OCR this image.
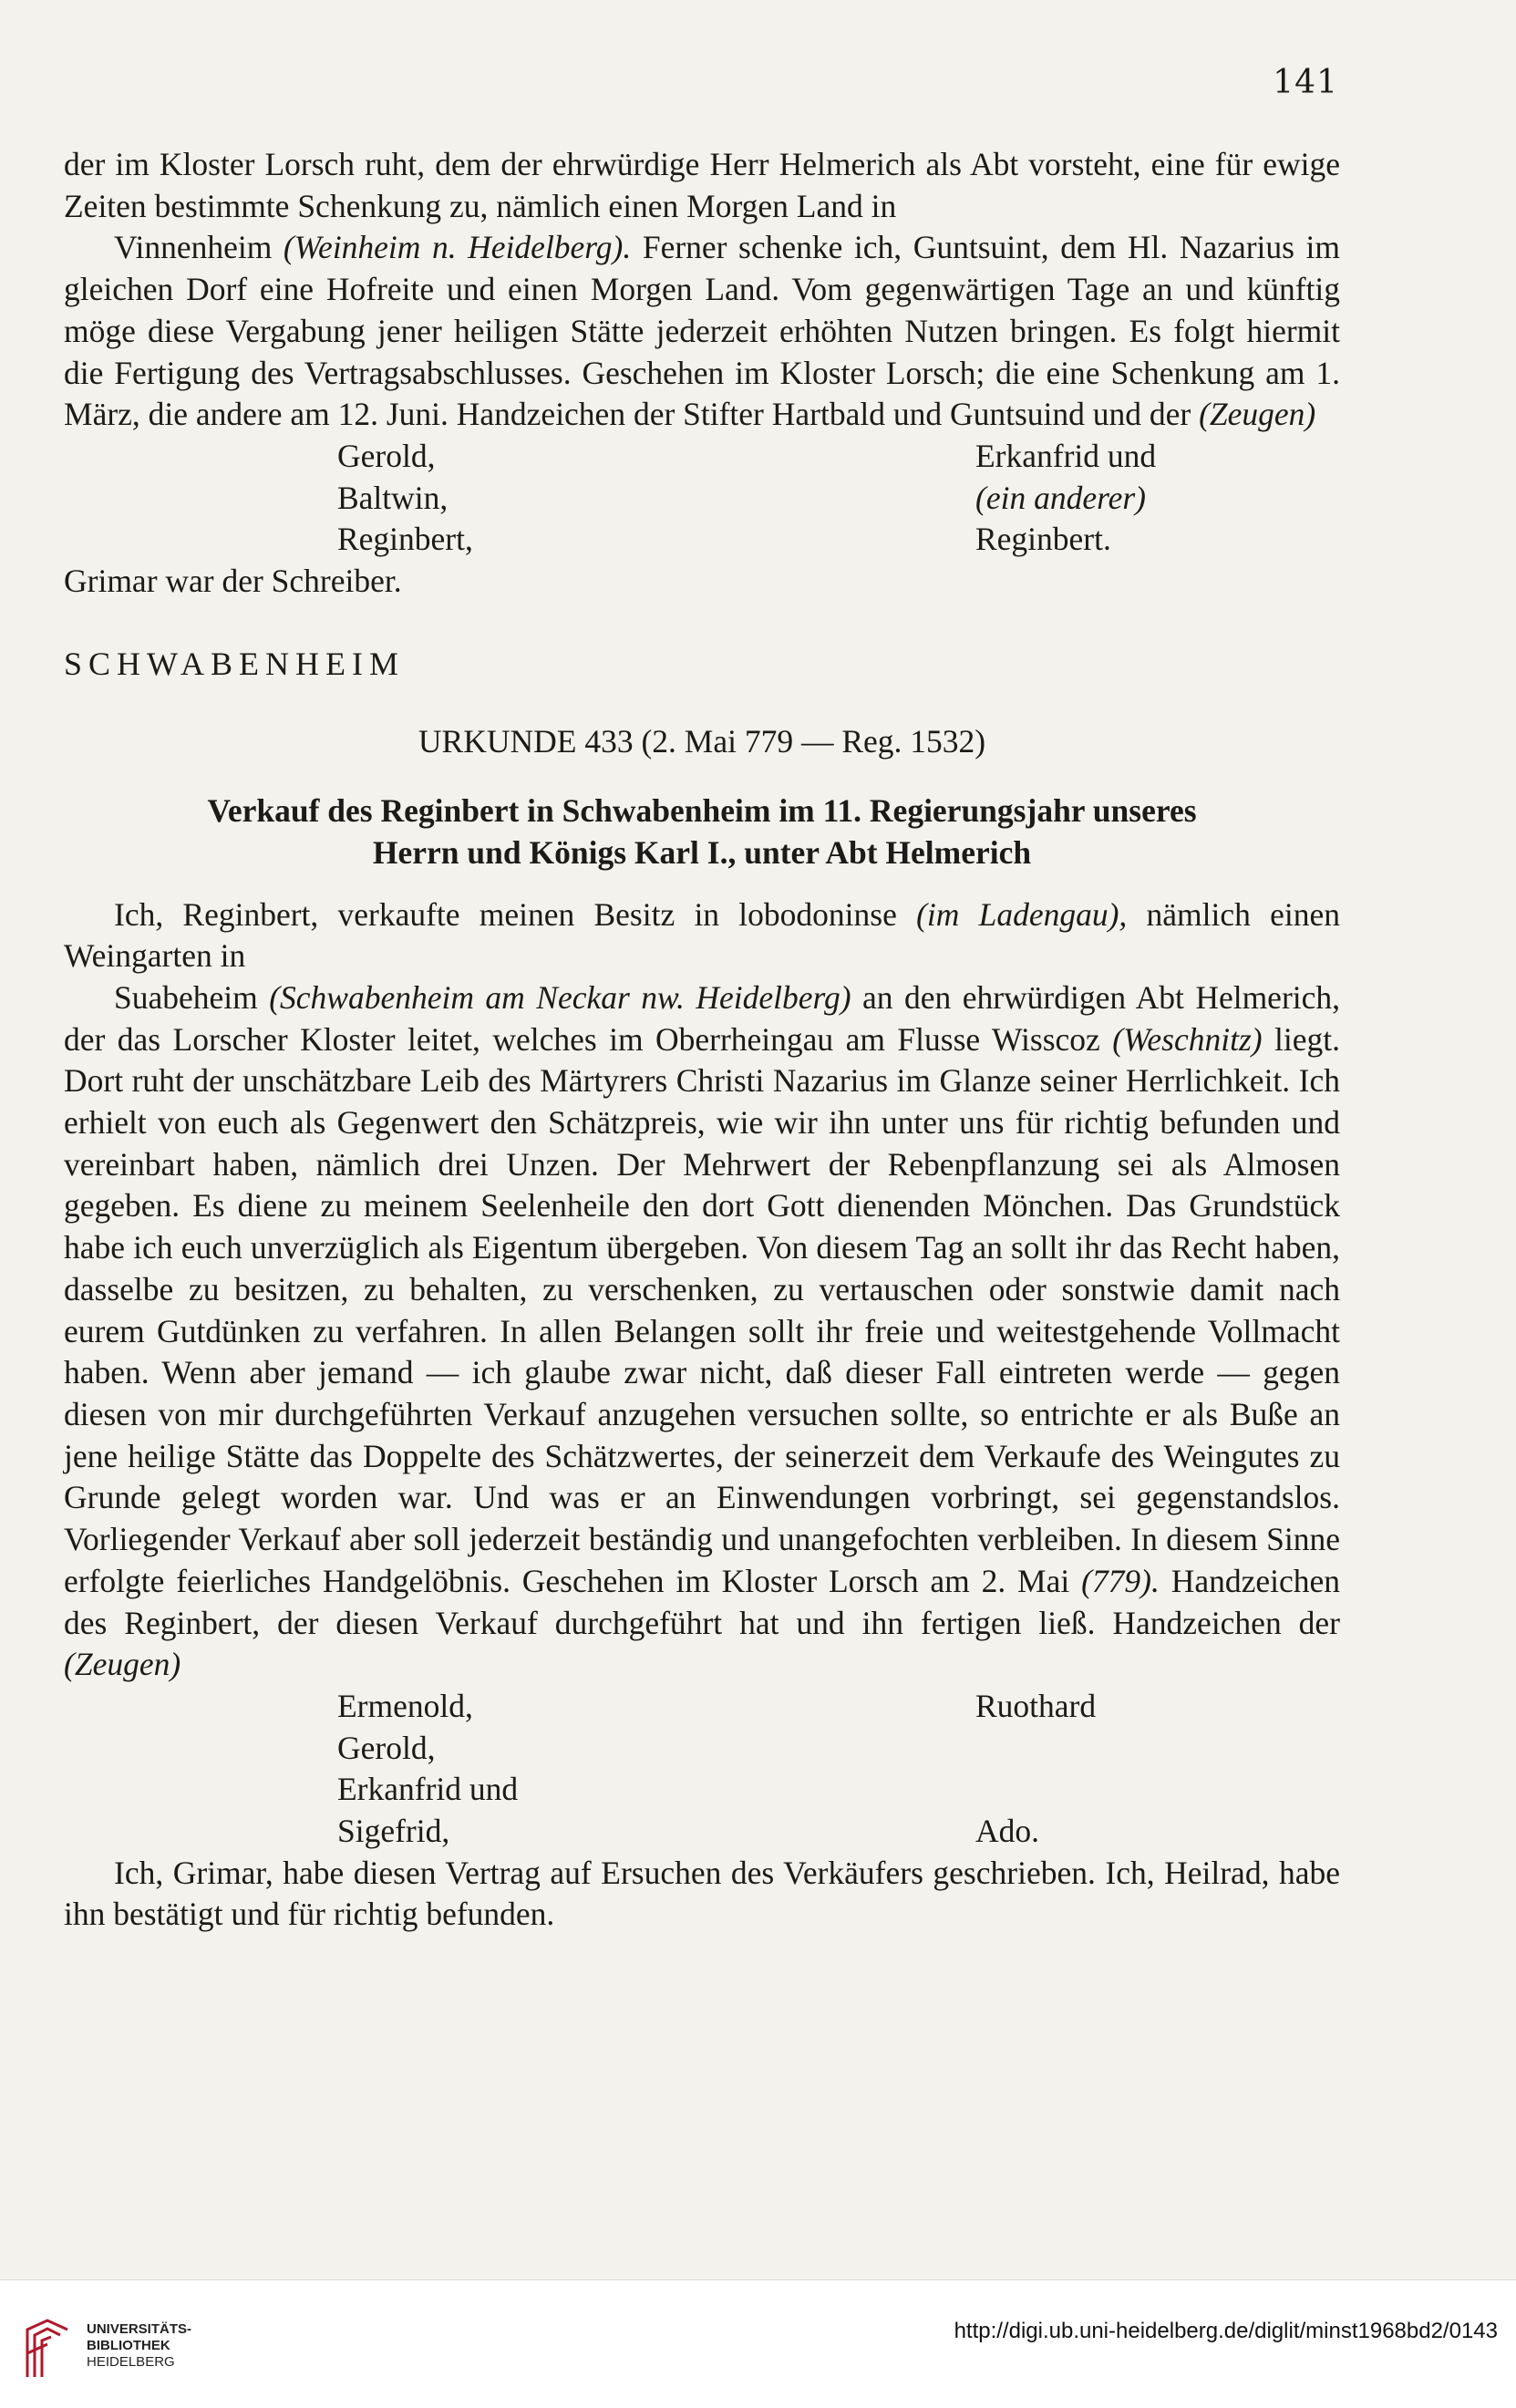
141

der im Kloster Lorsch ruht, dem der ehrwürdige Herr Helmerich als Abt vorsteht, eine für ewige Zeiten bestimmte Schenkung zu, nämlich einen Morgen Land in

Vinnenheim (Weinheim n. Heidelberg). Ferner schenke ich, Guntsuint, dem Hl. Nazarius im gleichen Dorf eine Hofreite und einen Morgen Land. Vom gegenwärtigen Tage an und künftig möge diese Vergabung jener heiligen Stätte jederzeit erhöhten Nutzen bringen. Es folgt hiermit die Fertigung des Vertragsabschlusses. Geschehen im Kloster Lorsch; die eine Schenkung am 1. März, die andere am 12. Juni. Handzeichen der Stifter Hartbald und Guntsuind und der (Zeugen)

Gerold,	Erkanfrid und
Baltwin,	(ein anderer)
Reginbert,	Reginbert.

Grimar war der Schreiber.

SCHWABENHEIM

URKUNDE 433 (2. Mai 779 — Reg. 1532)

Verkauf des Reginbert in Schwabenheim im 11. Regierungsjahr unseres

Herrn und Königs Karl I., unter Abt Helmerich

Ich, Reginbert, verkaufte meinen Besitz in lobodoninse (im Ladengau), nämlich einen Weingarten in

Suabeheim (Schwabenheim am Neckar nw. Heidelberg) an den ehrwürdigen Abt Helmerich, der das Lorscher Kloster leitet, welches im Oberrheingau am Flusse Wisscoz (Weschnitz) liegt. Dort ruht der unschätzbare Leib des Märtyrers Christi Nazarius im Glanze seiner Herrlichkeit. Ich erhielt von euch als Gegenwert den Schätzpreis, wie wir ihn unter uns für richtig befunden und vereinbart haben, nämlich drei Unzen. Der Mehrwert der Rebenpflanzung sei als Almosen gegeben. Es diene zu meinem Seelenheile den dort Gott dienenden Mönchen. Das Grundstück habe ich euch unverzüglich als Eigentum übergeben. Von diesem Tag an sollt ihr das Recht haben, dasselbe zu besitzen, zu behalten, zu verschenken, zu vertauschen oder sonstwie damit nach eurem Gutdünken zu verfahren. In allen Belangen sollt ihr freie und weitestgehende Vollmacht haben. Wenn aber jemand — ich glaube zwar nicht, daß dieser Fall eintreten werde — gegen diesen von mir durchgeführten Verkauf anzugehen versuchen sollte, so entrichte er als Buße an jene heilige Stätte das Doppelte des Schätzwertes, der seinerzeit dem Verkaufe des Weingutes zu Grunde gelegt worden war. Und was er an Einwendungen vorbringt, sei gegenstandslos. Vorliegender Verkauf aber soll jederzeit beständig und unangefochten verbleiben. In diesem Sinne erfolgte feierliches Handgelöbnis. Geschehen im Kloster Lorsch am 2. Mai (779). Handzeichen des Reginbert, der diesen Verkauf durchgeführt hat und ihn fertigen ließ. Handzeichen der (Zeugen)

Ermenold,	Ruothard
Gerold,
Erkanfrid und
Sigefrid,	Ado.

Ich, Grimar, habe diesen Vertrag auf Ersuchen des Verkäufers geschrieben. Ich, Heilrad, habe ihn bestätigt und für richtig befunden.

UNIVERSITÄTS-
BIBLIOTHEK
HEIDELBERG
http://digi.ub.uni-heidelberg.de/diglit/minst1968bd2/0143
